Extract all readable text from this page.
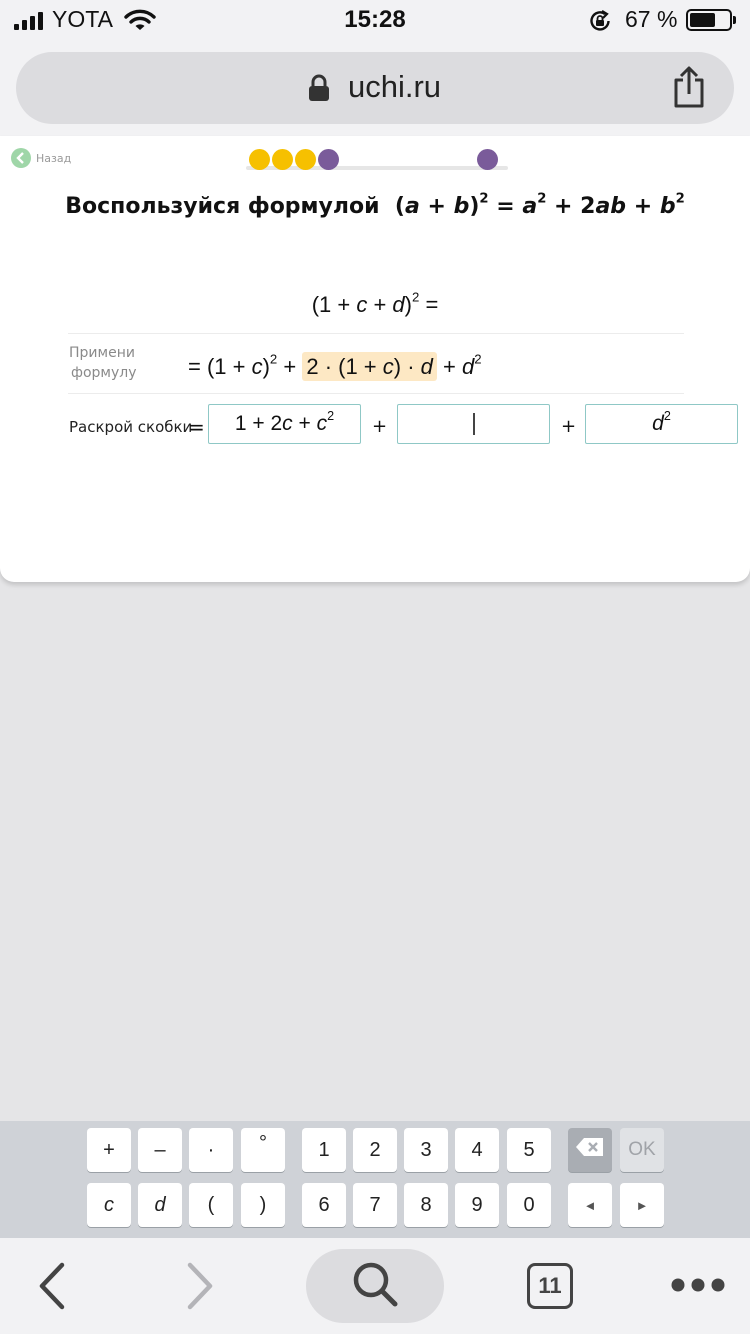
YOTA	15:28	67 %
uchi.ru
Назад
Воспользуйся формулой $(a + b)^2 = a^2 + 2ab + b^2$
$(1 + c + d)^2$ =
Примени
формулу = $(1 + c)^2 + 2 \cdot (1 + c) \cdot d + d^2$
Раскрой скобки
=	$1 + 2c + c^2$
+	+	$d^2$
+	–	·	°	1	2	3	4	5	OK
c	d	(	)	6	7	8	9	0	◄	►
11
